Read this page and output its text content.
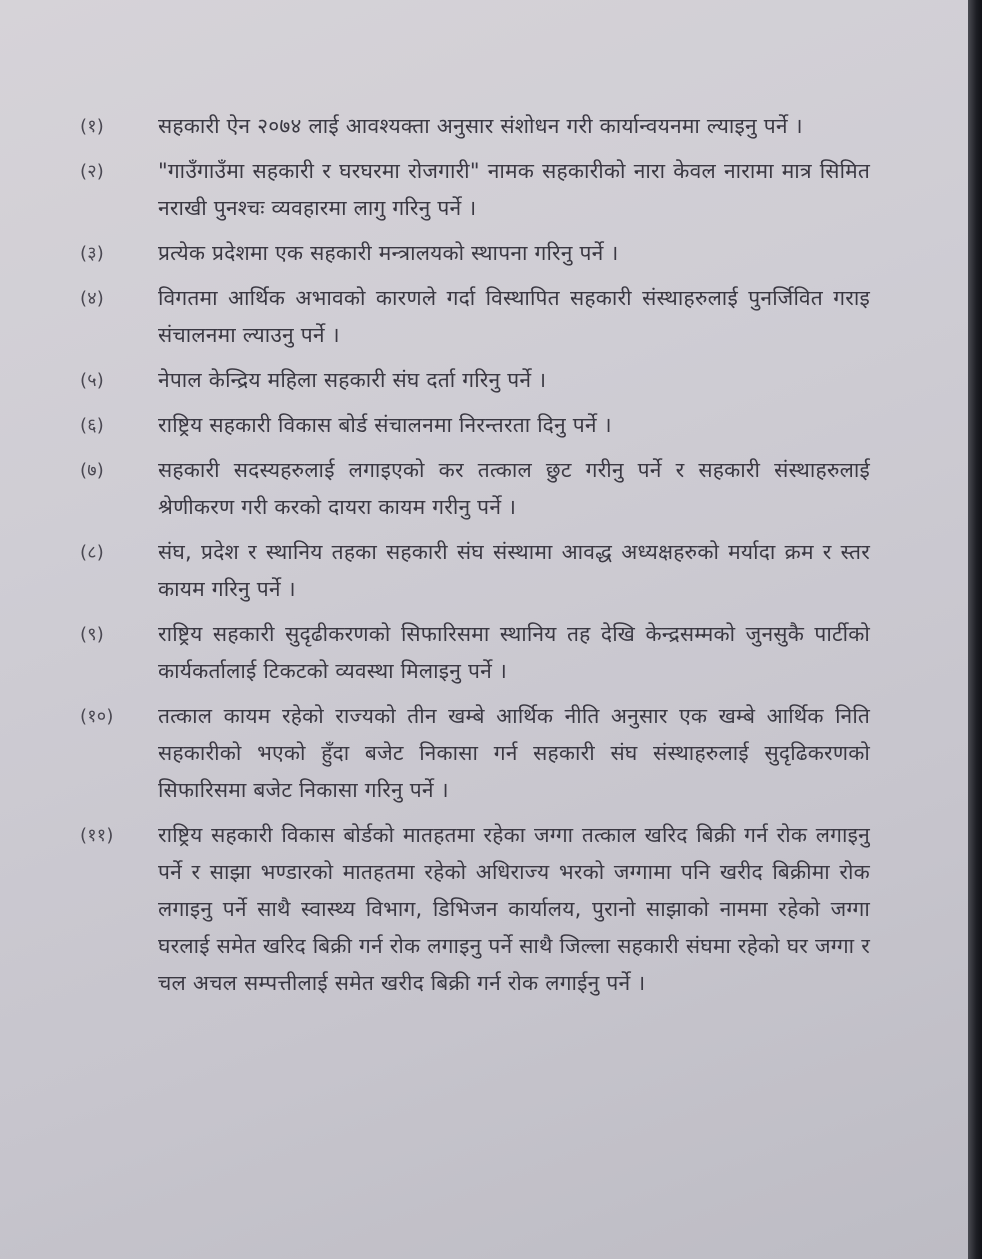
(१)	सहकारी ऐन २०७४ लाई आवश्यक्ता अनुसार संशोधन गरी कार्यान्वयनमा ल्याइनु पर्ने ।
(२)	"गाउँगाउँमा सहकारी र घरघरमा रोजगारी" नामक सहकारीको नारा केवल नारामा मात्र सिमित नराखी पुनश्चः व्यवहारमा लागु गरिनु पर्ने ।
(३)	प्रत्येक प्रदेशमा एक सहकारी मन्त्रालयको स्थापना गरिनु पर्ने ।
(४)	विगतमा आर्थिक अभावको कारणले गर्दा विस्थापित सहकारी संस्थाहरुलाई पुनर्जिवित गराइ संचालनमा ल्याउनु पर्ने ।
(५)	नेपाल केन्द्रिय महिला सहकारी संघ दर्ता गरिनु पर्ने ।
(६)	राष्ट्रिय सहकारी विकास बोर्ड संचालनमा निरन्तरता दिनु पर्ने ।
(७)	सहकारी सदस्यहरुलाई लगाइएको कर तत्काल छुट गरीनु पर्ने र सहकारी संस्थाहरुलाई श्रेणीकरण गरी करको दायरा कायम गरीनु पर्ने ।
(८)	संघ, प्रदेश र स्थानिय तहका सहकारी संघ संस्थामा आवद्ध अध्यक्षहरुको मर्यादा क्रम र स्तर कायम गरिनु पर्ने ।
(९)	राष्ट्रिय सहकारी सुदृढीकरणको सिफारिसमा स्थानिय तह देखि केन्द्रसम्मको जुनसुकै पार्टीको कार्यकर्तालाई टिकटको व्यवस्था मिलाइनु पर्ने ।
(१०)	तत्काल कायम रहेको राज्यको तीन खम्बे आर्थिक नीति अनुसार एक खम्बे आर्थिक निति सहकारीको भएको हुँदा बजेट निकासा गर्न सहकारी संघ संस्थाहरुलाई सुदृढिकरणको सिफारिसमा बजेट निकासा गरिनु पर्ने ।
(११)	राष्ट्रिय सहकारी विकास बोर्डको मातहतमा रहेका जग्गा तत्काल खरिद बिक्री गर्न रोक लगाइनु पर्ने र साझा भण्डारको मातहतमा रहेको अधिराज्य भरको जग्गामा पनि खरीद बिक्रीमा रोक लगाइनु पर्ने साथै स्वास्थ्य विभाग, डिभिजन कार्यालय, पुरानो साझाको नाममा रहेको जग्गा घरलाई समेत खरिद बिक्री गर्न रोक लगाइनु पर्ने साथै जिल्ला सहकारी संघमा रहेको घर जग्गा र चल अचल सम्पत्तीलाई समेत खरीद बिक्री गर्न रोक लगाईनु पर्ने ।
